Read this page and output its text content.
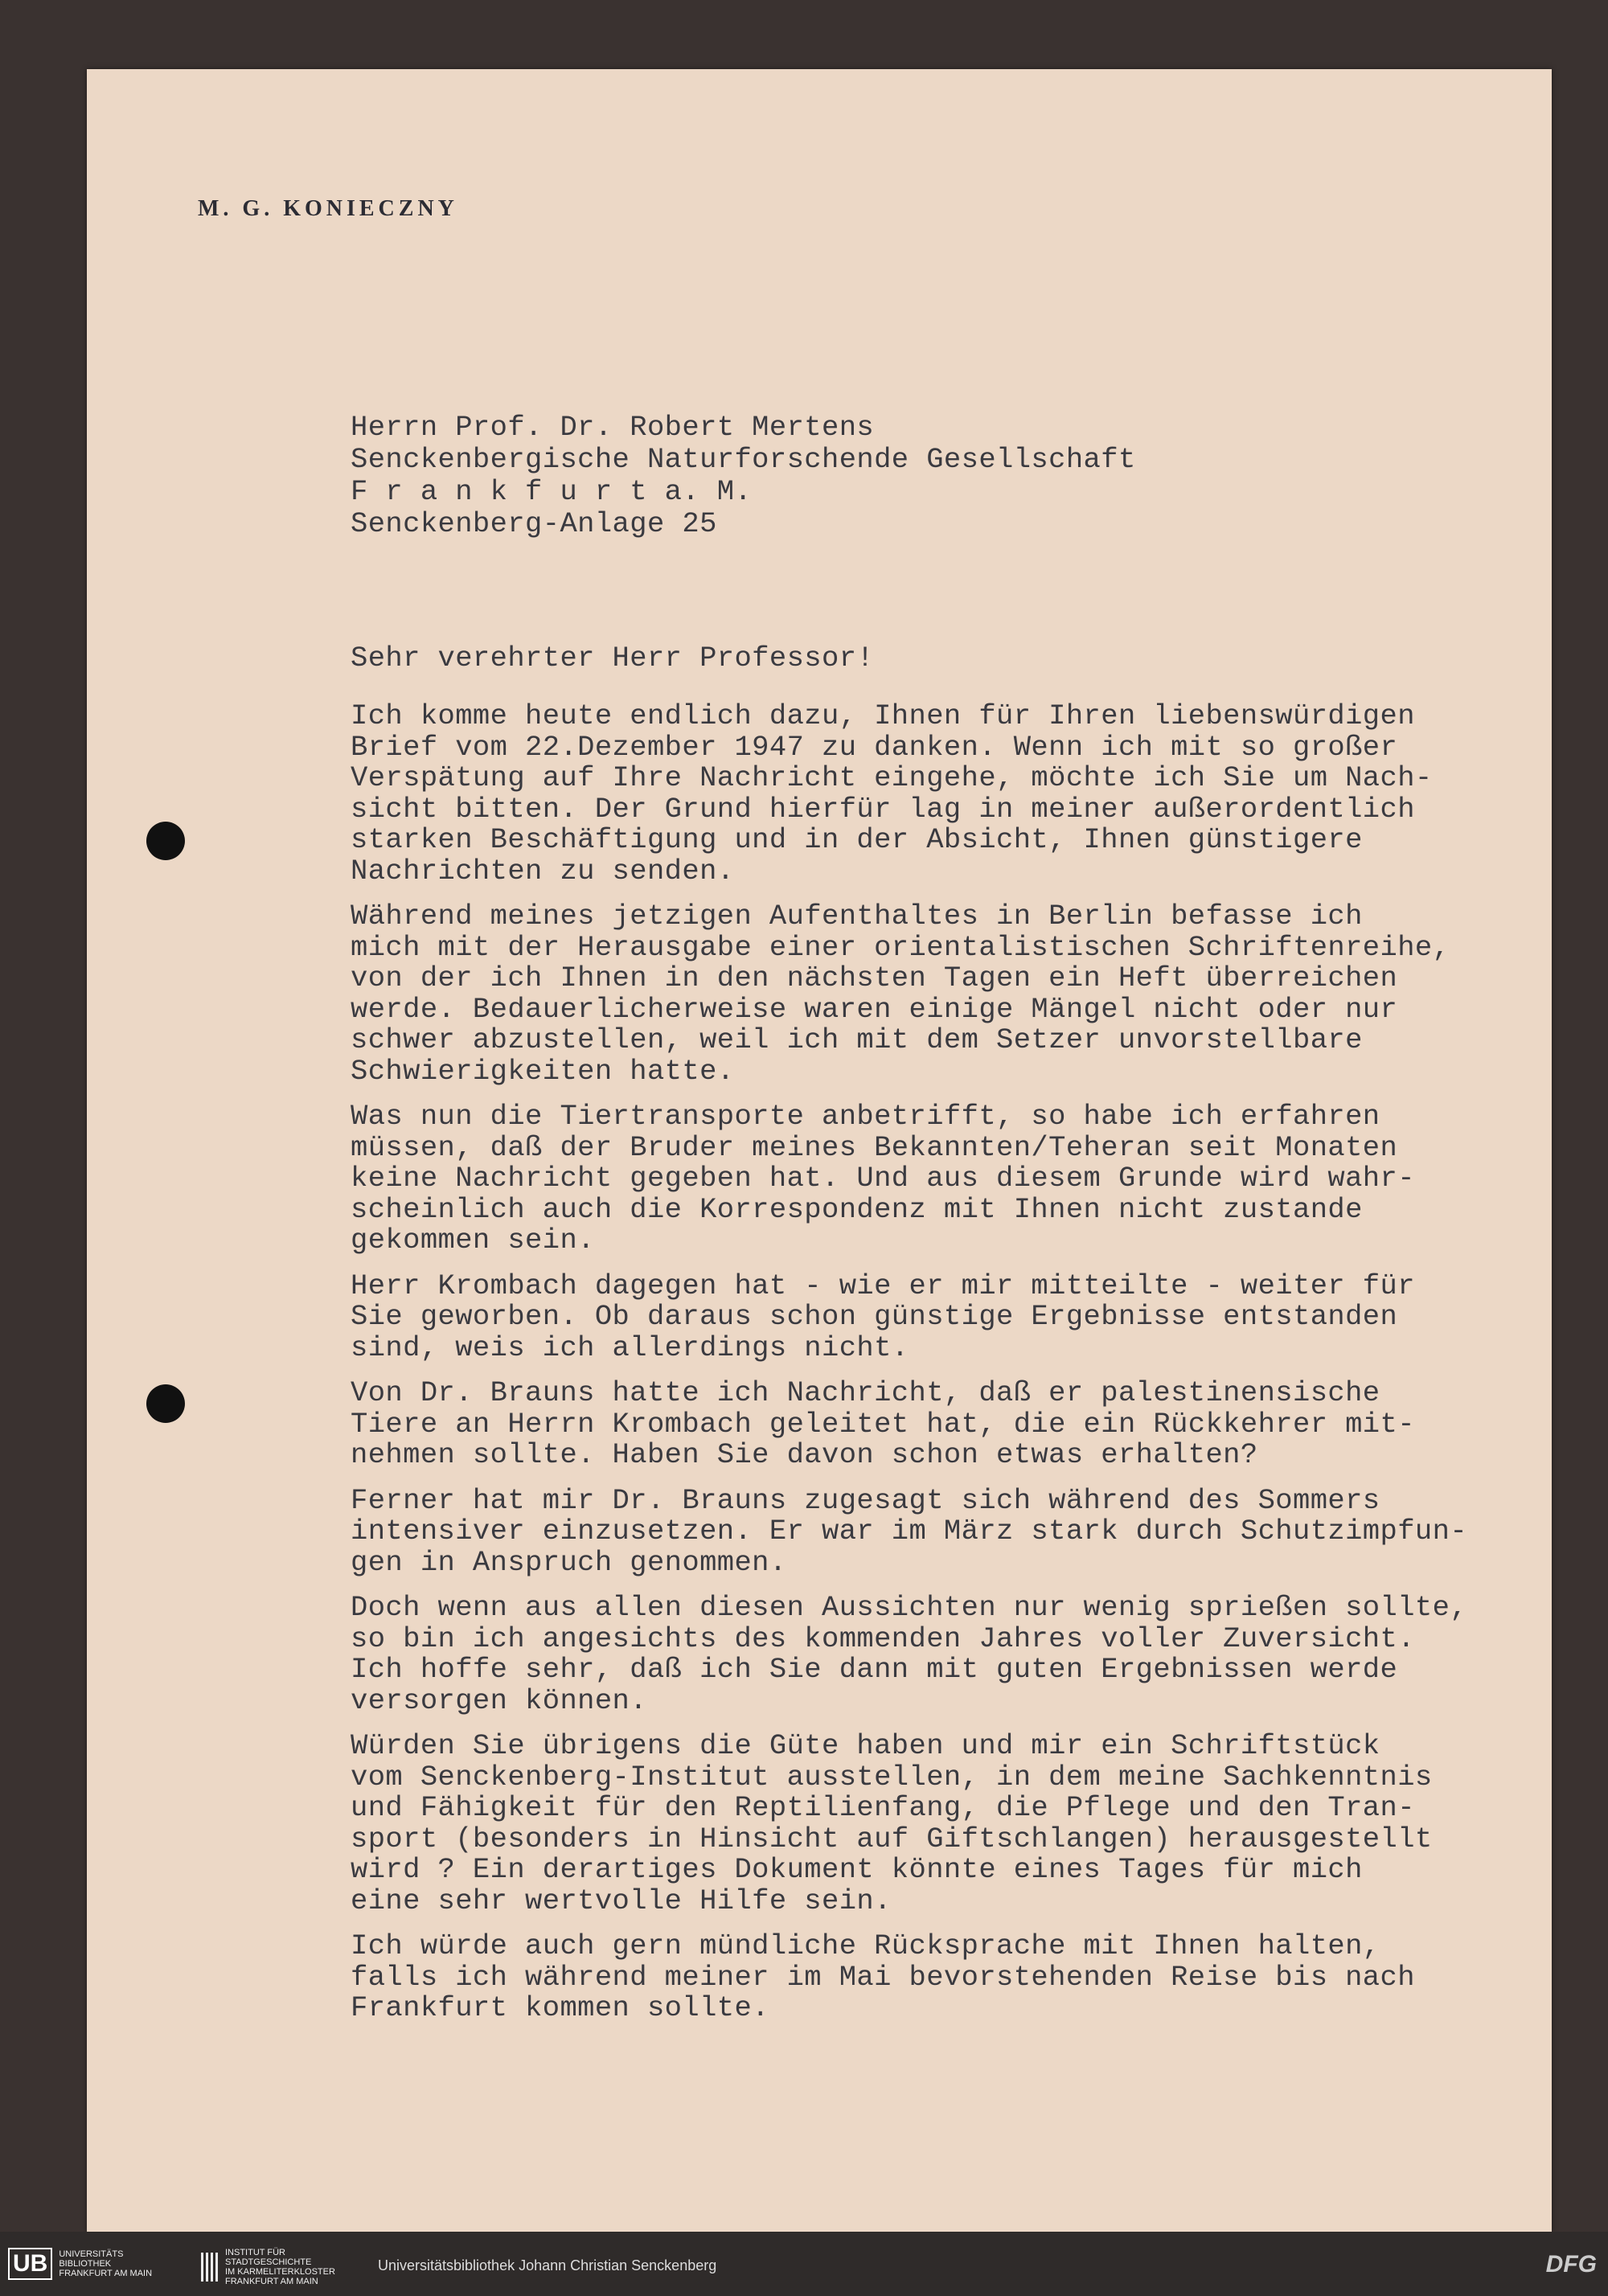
M. G. KONIECZNY
Herrn Prof. Dr. Robert Mertens
Senckenbergische Naturforschende Gesellschaft
F r a n k f u r t a. M.
Senckenberg-Anlage 25
Sehr verehrter Herr Professor!
Ich komme heute endlich dazu, Ihnen für Ihren liebenswürdigen
Brief vom 22.Dezember 1947 zu danken. Wenn ich mit so großer
Verspätung auf Ihre Nachricht eingehe, möchte ich Sie um Nach-
sicht bitten. Der Grund hierfür lag in meiner außerordentlich
starken Beschäftigung und in der Absicht, Ihnen günstigere
Nachrichten zu senden.
Während meines jetzigen Aufenthaltes in Berlin befasse ich
mich mit der Herausgabe einer orientalistischen Schriftenreihe,
von der ich Ihnen in den nächsten Tagen ein Heft überreichen
werde. Bedauerlicherweise waren einige Mängel nicht oder nur
schwer abzustellen, weil ich mit dem Setzer unvorstellbare
Schwierigkeiten hatte.
Was nun die Tiertransporte anbetrifft, so habe ich erfahren
müssen, daß der Bruder meines Bekannten/Teheran seit Monaten
keine Nachricht gegeben hat. Und aus diesem Grunde wird wahr-
scheinlich auch die Korrespondenz mit Ihnen nicht zustande
gekommen sein.
Herr Krombach dagegen hat - wie er mir mitteilte - weiter für
Sie geworben. Ob daraus schon günstige Ergebnisse entstanden
sind, weis ich allerdings nicht.
Von Dr. Brauns hatte ich Nachricht, daß er palestinensische
Tiere an Herrn Krombach geleitet hat, die ein Rückkehrer mit-
nehmen sollte. Haben Sie davon schon etwas erhalten?
Ferner hat mir Dr. Brauns zugesagt sich während des Sommers
intensiver einzusetzen. Er war im März stark durch Schutzimpfun-
gen in Anspruch genommen.
Doch wenn aus allen diesen Aussichten nur wenig sprießen sollte,
so bin ich angesichts des kommenden Jahres voller Zuversicht.
Ich hoffe sehr, daß ich Sie dann mit guten Ergebnissen werde
versorgen können.
Würden Sie übrigens die Güte haben und mir ein Schriftstück
vom Senckenberg-Institut ausstellen, in dem meine Sachkenntnis
und Fähigkeit für den Reptilienfang, die Pflege und den Tran-
sport (besonders in Hinsicht auf Giftschlangen) herausgestellt
wird ? Ein derartiges Dokument könnte eines Tages für mich
eine sehr wertvolle Hilfe sein.
Ich würde auch gern mündliche Rücksprache mit Ihnen halten,
falls ich während meiner im Mai bevorstehenden Reise bis nach
Frankfurt kommen sollte.
UB	UNIVERSITÄTS
BIBLIOTHEK
FRANKFURT AM MAIN
INSTITUT FÜR
STADTGESCHICHTE
IM KARMELITERKLOSTER
FRANKFURT AM MAIN
Universitätsbibliothek Johann Christian Senckenberg	DFG
